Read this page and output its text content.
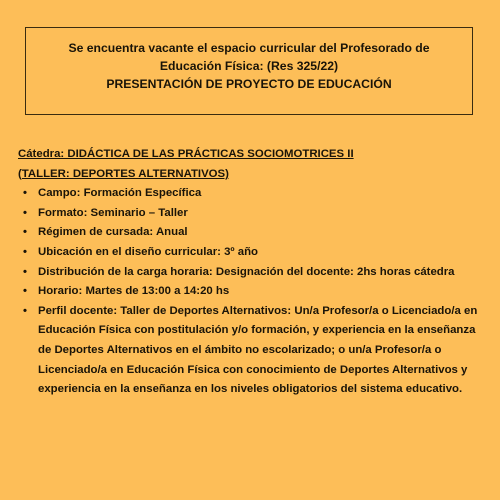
Se encuentra vacante el espacio curricular del Profesorado de

Educación Física: (Res 325/22)

PRESENTACIÓN DE PROYECTO DE EDUCACIÓN

Cátedra: DIDÁCTICA DE LAS PRÁCTICAS SOCIOMOTRICES II

(TALLER: DEPORTES ALTERNATIVOS)

• Campo: Formación Específica
• Formato: Seminario – Taller
• Régimen de cursada: Anual
• Ubicación en el diseño curricular: 3º año
• Distribución de la carga horaria: Designación del docente: 2hs horas cátedra
• Horario: Martes de 13:00 a 14:20 hs
• Perfil docente: Taller de Deportes Alternativos: Un/a Profesor/a o Licenciado/a en Educación Física con postitulación y/o formación, y experiencia en la enseñanza de Deportes Alternativos en el ámbito no escolarizado; o un/a Profesor/a o Licenciado/a en Educación Física con conocimiento de Deportes Alternativos y experiencia en la enseñanza en los niveles obligatorios del sistema educativo.
